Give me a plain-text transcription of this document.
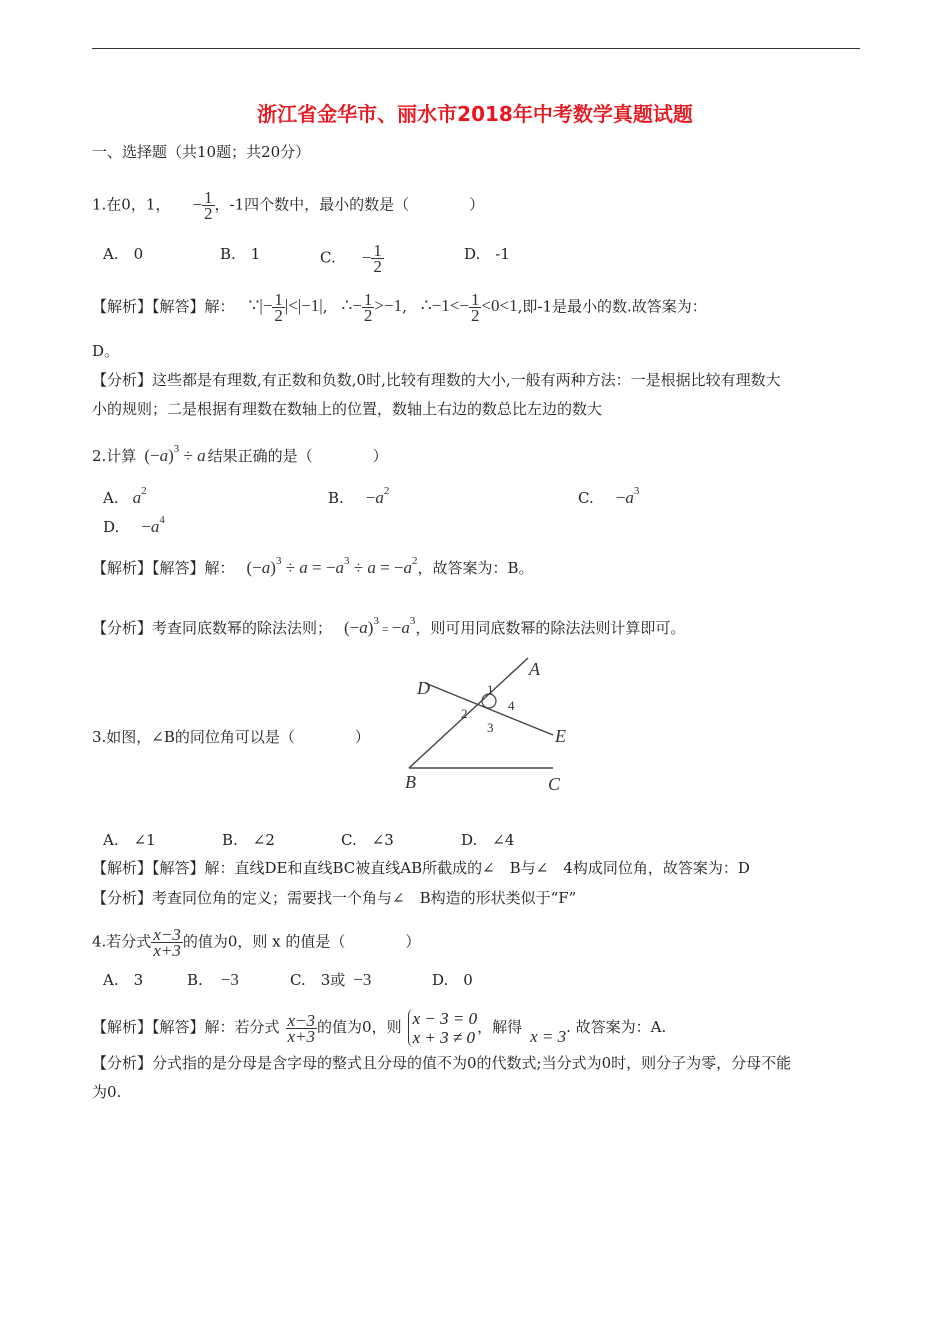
浙江省金华市、丽水市2018年中考数学真题试题
一、选择题（共10题；共20分）
1.在0，1， − $\frac{1}{2}$ ，-1四个数中，最小的数是（　　　　）
A.　0	B.　1	C. − $\frac{1}{2}$	D.　-1
【解析】【解答】解： ∵|− $\frac{1}{2} |<|-1|$, ∴− $\frac{1}{2} >-1$, ∴−1<− $\frac{1}{2} <0<1$,即-1是最小的数.故答案为：
D。
【分析】这些都是有理数,有正数和负数,0时,比较有理数的大小,一般有两种方法：一是根据比较有理数大
小的规则；二是根据有理数在数轴上的位置，数轴上右边的数总比左边的数大
2.计算 $(-a)^3 \div a$ 结果正确的是（　　　　）
A. $a^2$	B. $-a^2$	C. $-a^3$
D. $-a^4$
【解析】【解答】解： $(-a)^3 \div a = -a^3 \div a = -a^2$，故答案为：B。
【分析】考查同底数幂的除法法则； $(-a)^3 = -a^3$，则可用同底数幂的除法法则计算即可。
3.如图，∠B的同位角可以是（　　　　）
A
D
E
B	C
1
2
3
4
A.　∠1	B.　∠2	C.　∠3	D.　∠4
【解析】【解答】解：直线DE和直线BC被直线AB所截成的∠　B与∠　4构成同位角，故答案为：D
【分析】考查同位角的定义；需要找一个角与∠　B构造的形状类似于“F”
4.若分式 $\frac{x-3}{x+3}$ 的值为0，则 x 的值是（　　　　）
A.　3	B. −3	C.　3或 −3	D.　0
【解析】【解答】解：若分式 $\frac{x-3}{x+3}$ 的值为0，则 x − 3 = 0
x + 3 ≠ 0
，解得 x = 3. 故答案为：A.
【分析】分式指的是分母是含字母的整式且分母的值不为0的代数式;当分式为0时，则分子为零，分母不能
为0.
